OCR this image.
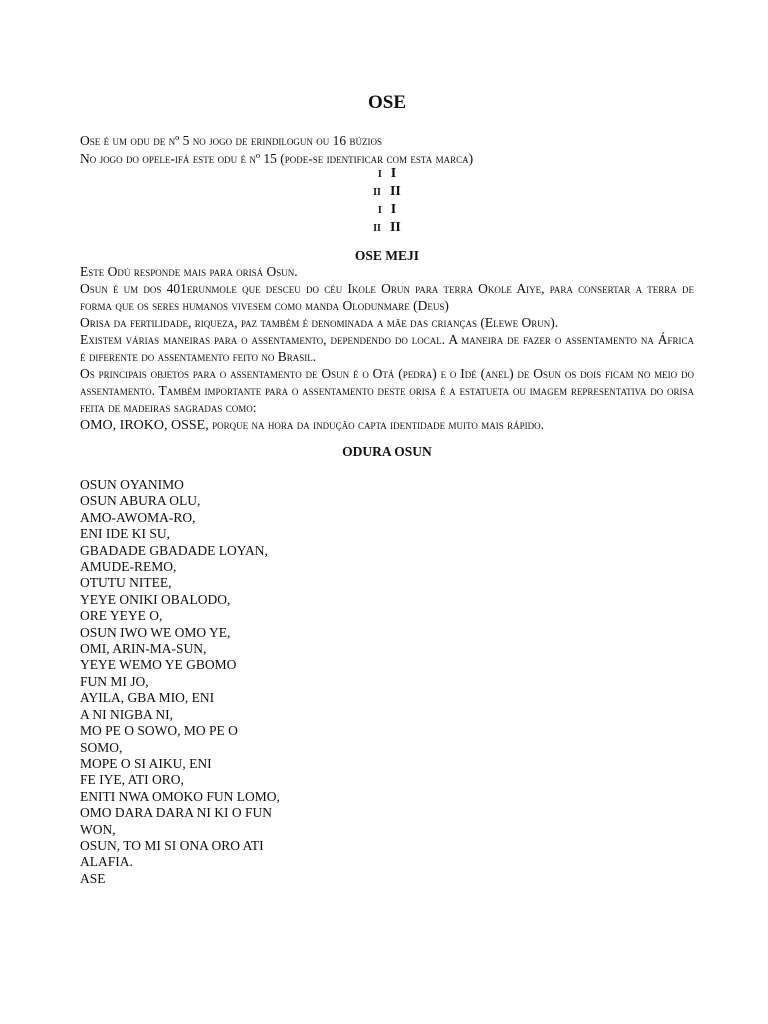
OSE

Ose é um odu de nº 5 no jogo de erindilogun ou 16 búzios

No jogo do opele-ifá este odu é nº 15 (pode-se identificar com esta marca)

I I
II II
I I
II II
OSE MEJI

Este Odú responde mais para orisá Osun.

Osun é um dos 401erunmole que desceu do céu Ikole Orun para terra Okole Aiye, para consertar a terra de forma que os seres humanos vivesem como manda Olodunmare (Deus)

Orisa da fertilidade, riqueza, paz também é denominada a mãe das crianças (Elewe Orun).

Existem várias maneiras para o assentamento, dependendo do local. A maneira de fazer o assentamento na África é diferente do assentamento feito no Brasil.

Os principais objetos para o assentamento de Osun é o Otá (pedra) e o Idé (anel) de Osun os dois ficam no meio do assentamento. Também importante para o assentamento deste orisa é a estatueta ou imagem representativa do orisa feita de madeiras sagradas como:

OMO, IROKO, OSSE, porque na hora da indução capta identidade muito mais rápido.

ODURA OSUN
OSUN OYANIMO
OSUN ABURA OLU,
AMO-AWOMA-RO,
ENI IDE KI SU,
GBADADE GBADADE LOYAN,
AMUDE-REMO,
OTUTU NITEE,
YEYE ONIKI OBALODO,
ORE YEYE O,
OSUN IWO WE OMO YE,
OMI, ARIN-MA-SUN,
YEYE WEMO YE GBOMO
FUN MI JO,
AYILA, GBA MIO, ENI
A NI NIGBA NI,
MO PE O SOWO, MO PE O
SOMO,
MOPE O SI AIKU, ENI
FE IYE, ATI ORO,
ENITI NWA OMOKO FUN LOMO,
OMO DARA DARA NI KI O FUN
WON,
OSUN, TO MI SI ONA ORO ATI
ALAFIA.
ASE
